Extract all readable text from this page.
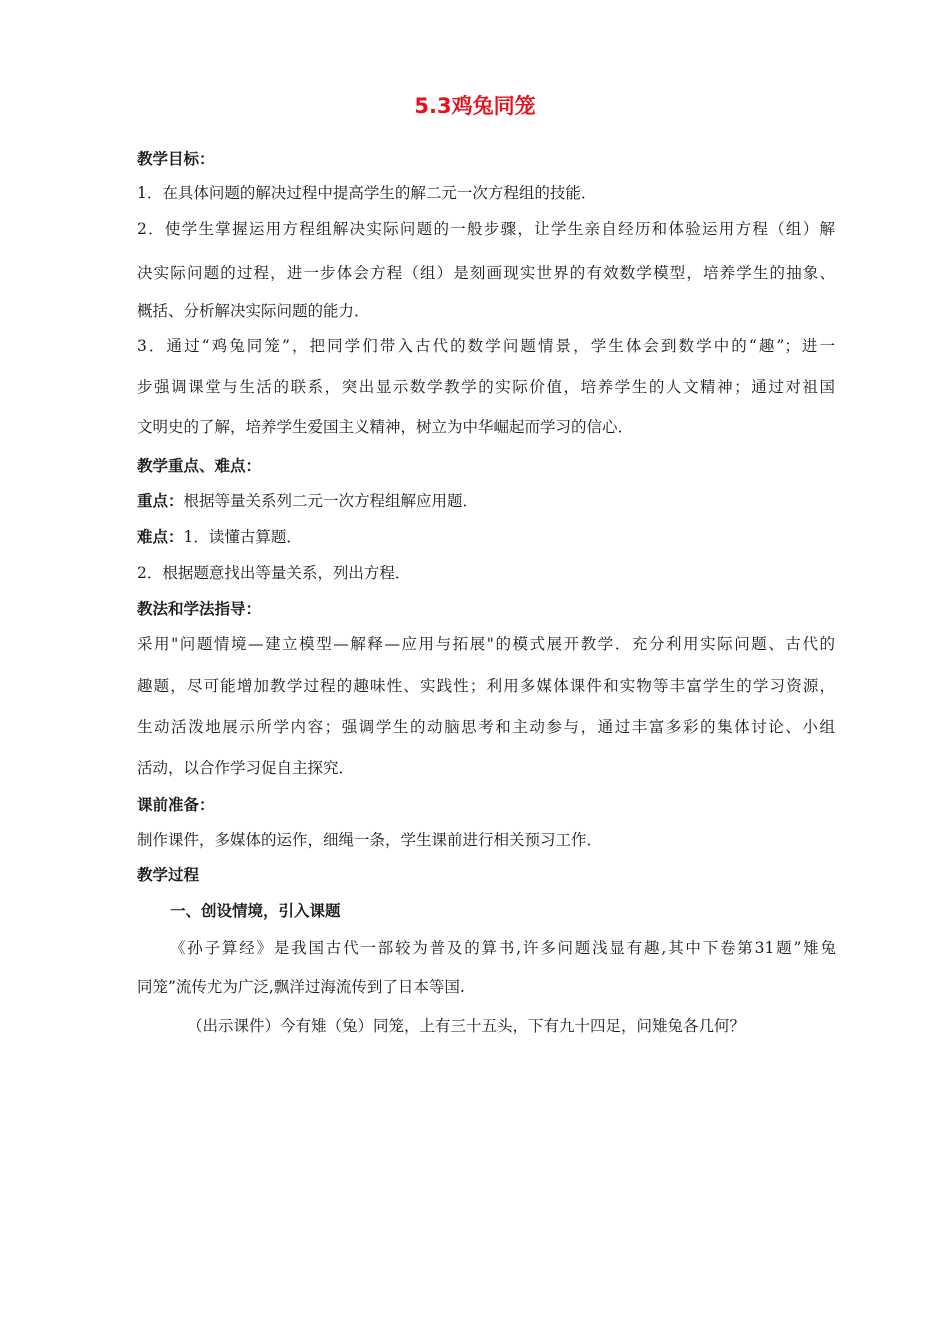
5.3鸡兔同笼
教学目标：
1．在具体问题的解决过程中提高学生的解二元一次方程组的技能．
2．使学生掌握运用方程组解决实际问题的一般步骤，让学生亲自经历和体验运用方程（组）解
决实际问题的过程，进一步体会方程（组）是刻画现实世界的有效数学模型，培养学生的抽象、
概括、分析解决实际问题的能力．
3．通过“鸡兔同笼”，把同学们带入古代的数学问题情景，学生体会到数学中的“趣”；进一
步强调课堂与生活的联系，突出显示数学教学的实际价值，培养学生的人文精神；通过对祖国
文明史的了解，培养学生爱国主义精神，树立为中华崛起而学习的信心．
教学重点、难点：
重点：根据等量关系列二元一次方程组解应用题．
难点：1．读懂古算题．
2．根据题意找出等量关系，列出方程．
教法和学法指导：
采用"问题情境—建立模型—解释—应用与拓展"的模式展开教学．充分利用实际问题、古代的
趣题，尽可能增加教学过程的趣味性、实践性；利用多媒体课件和实物等丰富学生的学习资源，
生动活泼地展示所学内容；强调学生的动脑思考和主动参与，通过丰富多彩的集体讨论、小组
活动，以合作学习促自主探究．
课前准备：
制作课件，多媒体的运作，细绳一条，学生课前进行相关预习工作．
教学过程
一、创设情境，引入课题
《孙子算经》是我国古代一部较为普及的算书,许多问题浅显有趣,其中下卷第31题”雉兔
同笼”流传尤为广泛,飘洋过海流传到了日本等国.
（出示课件）今有雉（兔）同笼，上有三十五头，下有九十四足，问雉兔各几何？
